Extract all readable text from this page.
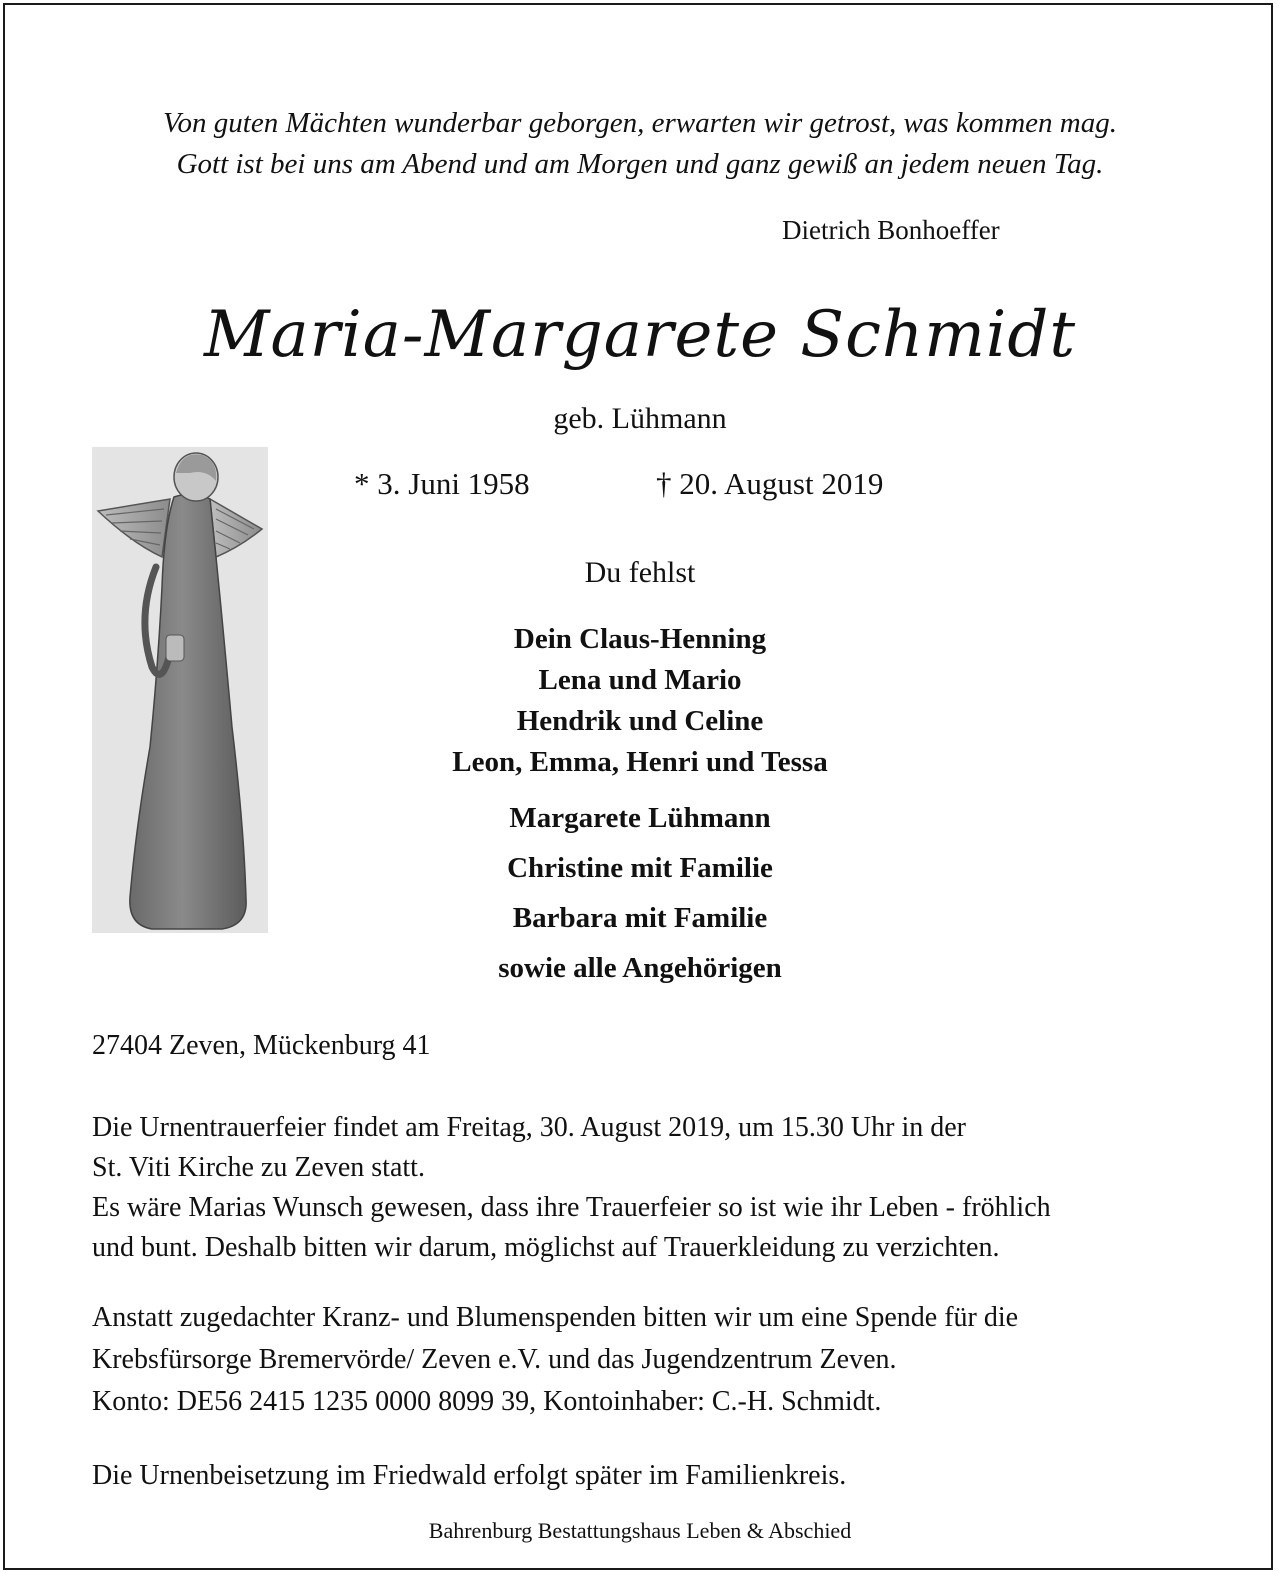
Von guten Mächten wunderbar geborgen, erwarten wir getrost, was kommen mag.
Gott ist bei uns am Abend und am Morgen und ganz gewiß an jedem neuen Tag.
Dietrich Bonhoeffer
Maria-Margarete Schmidt
geb. Lühmann
* 3. Juni 1958	† 20. August 2019
Du fehlst
Dein Claus-Henning
Lena und Mario
Hendrik und Celine
Leon, Emma, Henri und Tessa
Margarete Lühmann
Christine mit Familie
Barbara mit Familie
sowie alle Angehörigen
27404 Zeven, Mückenburg 41
Die Urnentrauerfeier findet am Freitag, 30. August 2019, um 15.30 Uhr in der
St. Viti Kirche zu Zeven statt.
Es wäre Marias Wunsch gewesen, dass ihre Trauerfeier so ist wie ihr Leben - fröhlich
und bunt. Deshalb bitten wir darum, möglichst auf Trauerkleidung zu verzichten.
Anstatt zugedachter Kranz- und Blumenspenden bitten wir um eine Spende für die
Krebsfürsorge Bremervörde/ Zeven e.V. und das Jugendzentrum Zeven.
Konto: DE56 2415 1235 0000 8099 39, Kontoinhaber: C.-H. Schmidt.
Die Urnenbeisetzung im Friedwald erfolgt später im Familienkreis.
Bahrenburg Bestattungshaus Leben & Abschied
